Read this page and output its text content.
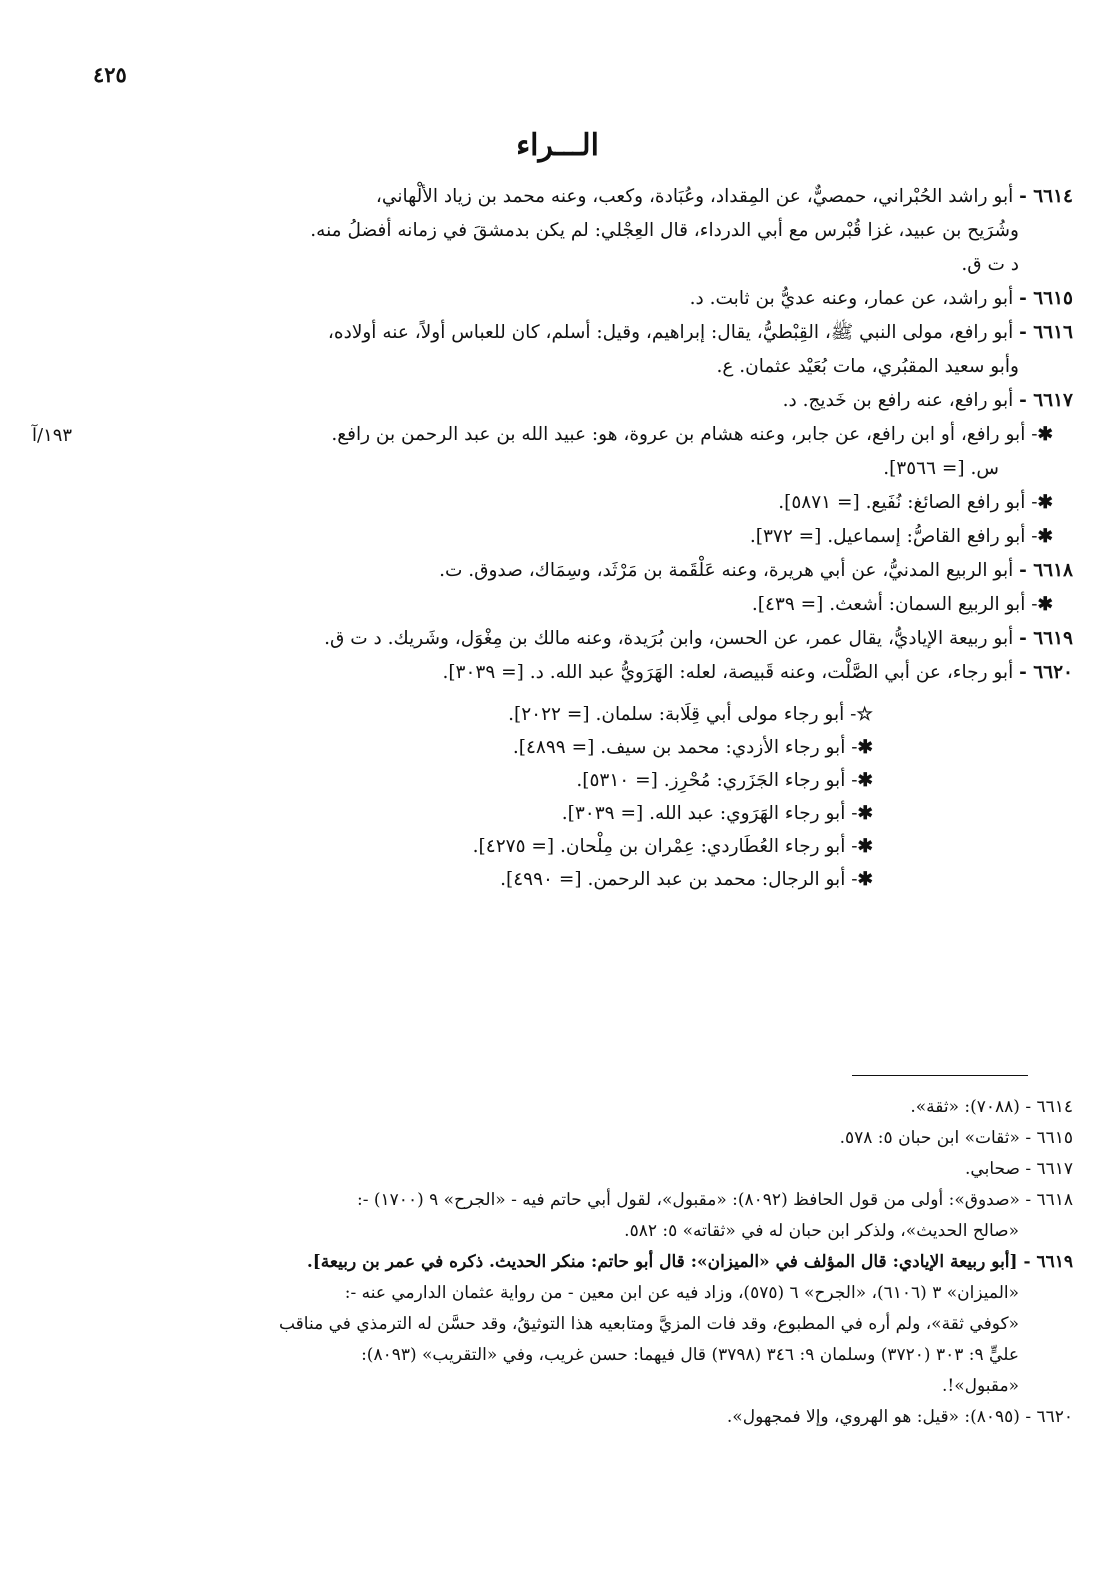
٤٢٥
١٩٣/آ
الـــراء
٦٦١٤ - أبو راشد الحُبْراني، حمصيٌّ، عن المِقداد، وعُبَادة، وكعب، وعنه محمد بن زياد الألْهاني،
وشُرَيح بن عبيد، غزا قُبْرس مع أبي الدرداء، قال العِجْلي: لم يكن بدمشقَ في زمانه أفضلُ منه.
د ت ق.
٦٦١٥ - أبو راشد، عن عمار، وعنه عديُّ بن ثابت. د.
٦٦١٦ - أبو رافع، مولى النبي ﷺ، القِبْطيُّ، يقال: إبراهيم، وقيل: أسلم، كان للعباس أولاً، عنه أولاده،
وأبو سعيد المقبُري، مات بُعَيْد عثمان. ع.
٦٦١٧ - أبو رافع، عنه رافع بن خَديج. د.
✱- أبو رافع، أو ابن رافع، عن جابر، وعنه هشام بن عروة، هو: عبيد الله بن عبد الرحمن بن رافع.
س. [= ٣٥٦٦].
✱- أبو رافع الصائغ: نُفَيع. [= ٥٨٧١].
✱- أبو رافع القاصُّ: إسماعيل. [= ٣٧٢].
٦٦١٨ - أبو الربيع المدنيُّ، عن أبي هريرة، وعنه عَلْقَمة بن مَرْثَد، وسِمَاك، صدوق. ت.
✱- أبو الربيع السمان: أشعث. [= ٤٣٩].
٦٦١٩ - أبو ربيعة الإياديُّ، يقال عمر، عن الحسن، وابن بُرَيدة، وعنه مالك بن مِغْوَل، وشَريك. د ت ق.
٦٦٢٠ - أبو رجاء، عن أبي الصَّلْت، وعنه قَبيصة، لعله: الهَرَويُّ عبد الله. د. [= ٣٠٣٩].
☆- أبو رجاء مولى أبي قِلَابة: سلمان. [= ٢٠٢٢].
✱- أبو رجاء الأزدي: محمد بن سيف. [= ٤٨٩٩].
✱- أبو رجاء الجَزَري: مُحْرِز. [= ٥٣١٠].
✱- أبو رجاء الهَرَوي: عبد الله. [= ٣٠٣٩].
✱- أبو رجاء العُطَاردي: عِمْران بن مِلْحان. [= ٤٢٧٥].
✱- أبو الرجال: محمد بن عبد الرحمن. [= ٤٩٩٠].
٦٦١٤ - (٧٠٨٨): «ثقة».
٦٦١٥ - «ثقات» ابن حبان ٥: ٥٧٨.
٦٦١٧ - صحابي.
٦٦١٨ - «صدوق»: أولى من قول الحافظ (٨٠٩٢): «مقبول»، لقول أبي حاتم فيه - «الجرح» ٩ (١٧٠٠) -:
«صالح الحديث»، ولذكر ابن حبان له في «ثقاته» ٥: ٥٨٢.
٦٦١٩ - [أبو ربيعة الإيادي: قال المؤلف في «الميزان»: قال أبو حاتم: منكر الحديث. ذكره في عمر بن ربيعة].
«الميزان» ٣ (٦١٠٦)، «الجرح» ٦ (٥٧٥)، وزاد فيه عن ابن معين - من رواية عثمان الدارمي عنه -:
«كوفي ثقة»، ولم أره في المطبوع، وقد فات المزيَّ ومتابعيه هذا التوثيقُ، وقد حسَّن له الترمذي في مناقب
عليٍّ ٩: ٣٠٣ (٣٧٢٠) وسلمان ٩: ٣٤٦ (٣٧٩٨) قال فيهما: حسن غريب، وفي «التقريب» (٨٠٩٣):
«مقبول»!.
٦٦٢٠ - (٨٠٩٥): «قيل: هو الهروي، وإلا فمجهول».
